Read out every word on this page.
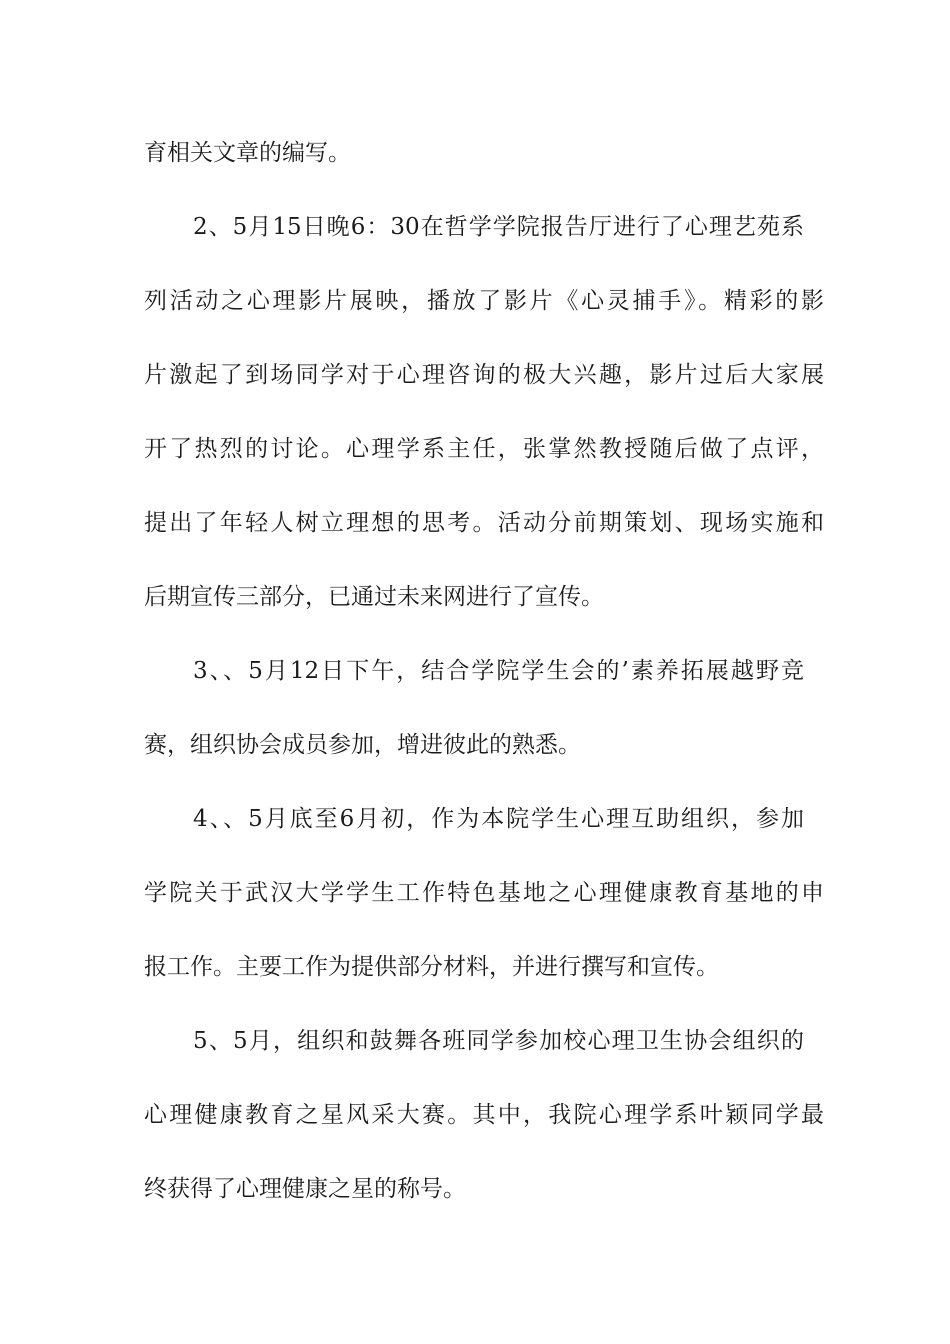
育相关文章的编写。
2、5月15日晚6：30在哲学学院报告厅进行了心理艺苑系
列活动之心理影片展映，播放了影片《心灵捕手》。精彩的影
片激起了到场同学对于心理咨询的极大兴趣，影片过后大家展
开了热烈的讨论。心理学系主任，张掌然教授随后做了点评，
提出了年轻人树立理想的思考。活动分前期策划、现场实施和
后期宣传三部分，已通过未来网进行了宣传。
3、、5月12日下午，结合学院学生会的’素养拓展越野竞
赛，组织协会成员参加，增进彼此的熟悉。
4、、5月底至6月初，作为本院学生心理互助组织，参加
学院关于武汉大学学生工作特色基地之心理健康教育基地的申
报工作。主要工作为提供部分材料，并进行撰写和宣传。
5、5月，组织和鼓舞各班同学参加校心理卫生协会组织的
心理健康教育之星风采大赛。其中，我院心理学系叶颖同学最
终获得了心理健康之星的称号。
